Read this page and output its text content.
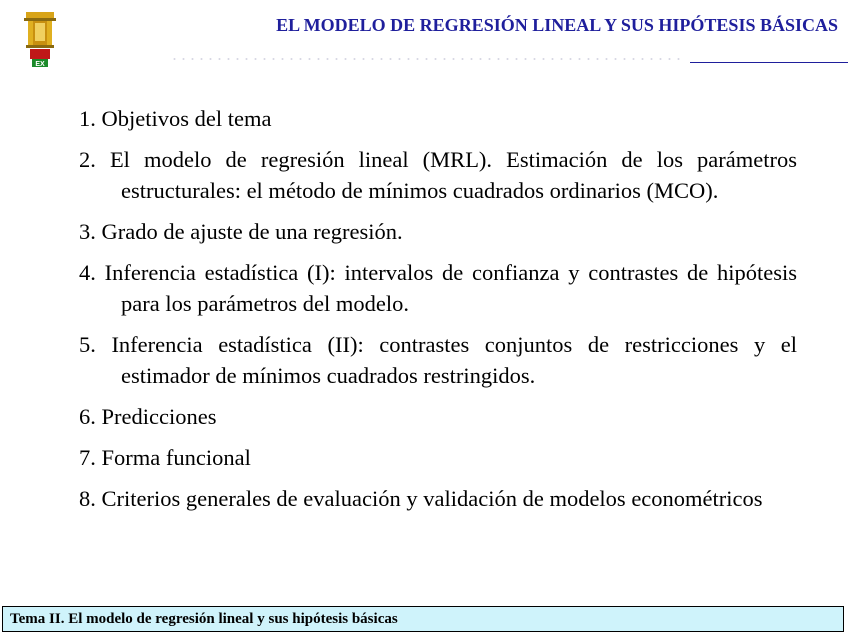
EX
EL MODELO DE REGRESIÓN LINEAL Y SUS HIPÓTESIS BÁSICAS
1. Objetivos del tema
2. El modelo de regresión lineal (MRL). Estimación de los parámetros estructurales: el método de mínimos cuadrados ordinarios (MCO).
3. Grado de ajuste de una regresión.
4. Inferencia estadística (I): intervalos de confianza y contrastes de hipótesis para los parámetros del modelo.
5. Inferencia estadística (II): contrastes conjuntos de restricciones y el estimador de mínimos cuadrados restringidos.
6. Predicciones
7. Forma funcional
8. Criterios generales de evaluación y validación de modelos econométricos
Tema II. El modelo de regresión lineal y sus hipótesis básicas
